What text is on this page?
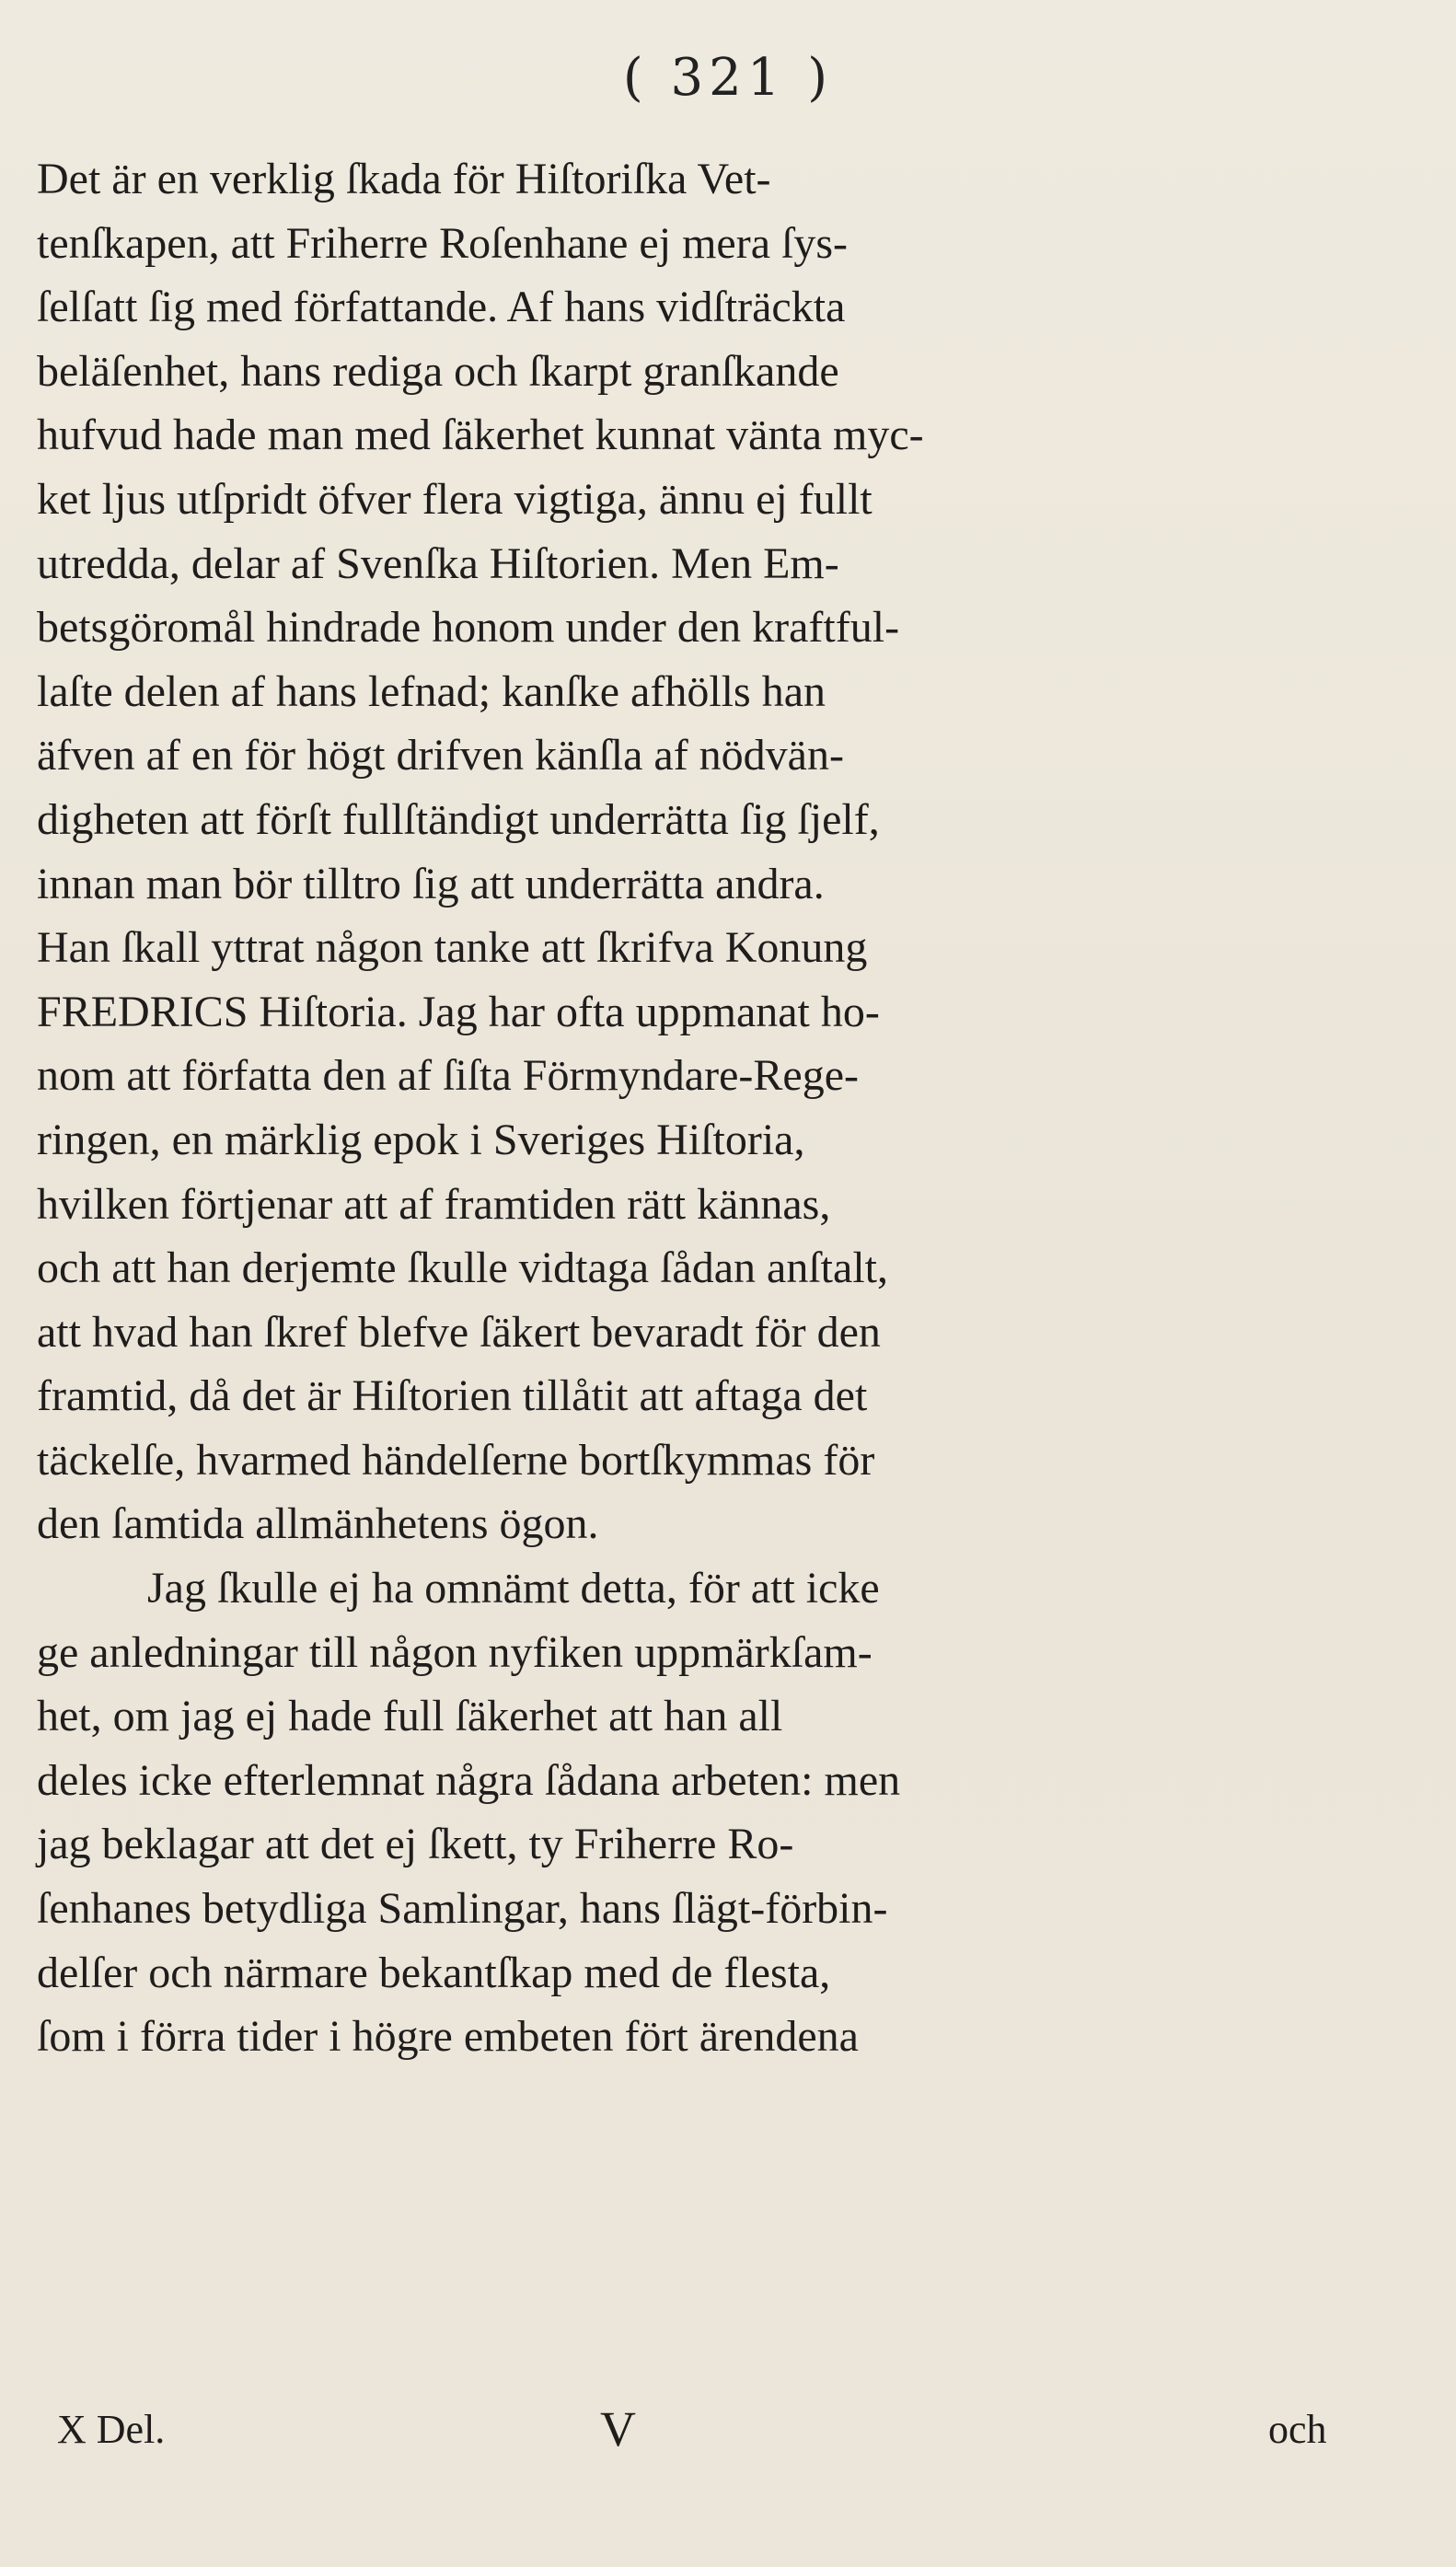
( 321 )
Det är en verklig ſkada för Hiſtoriſka Vet-
tenſkapen, att Friherre Roſenhane ej mera ſys-
ſelſatt ſig med författande. Af hans vidſträckta
beläſenhet, hans rediga och ſkarpt granſkande
hufvud hade man med ſäkerhet kunnat vänta myc-
ket ljus utſpridt öfver flera vigtiga, ännu ej fullt
utredda, delar af Svenſka Hiſtorien. Men Em-
betsgöromål hindrade honom under den kraftful-
laſte delen af hans lefnad; kanſke afhölls han
äfven af en för högt drifven känſla af nödvän-
digheten att förſt fullſtändigt underrätta ſig ſjelf,
innan man bör tilltro ſig att underrätta andra.
Han ſkall yttrat någon tanke att ſkrifva Konung
FREDRICS Hiſtoria. Jag har ofta uppmanat ho-
nom att författa den af ſiſta Förmyndare-Rege-
ringen, en märklig epok i Sveriges Hiſtoria,
hvilken förtjenar att af framtiden rätt kännas,
och att han derjemte ſkulle vidtaga ſådan anſtalt,
att hvad han ſkref blefve ſäkert bevaradt för den
framtid, då det är Hiſtorien tillåtit att aftaga det
täckelſe, hvarmed händelſerne bortſkymmas för
den ſamtida allmänhetens ögon.
Jag ſkulle ej ha omnämt detta, för att icke
ge anledningar till någon nyfiken uppmärkſam-
het, om jag ej hade full ſäkerhet att han all
deles icke efterlemnat några ſådana arbeten: men
jag beklagar att det ej ſkett, ty Friherre Ro-
ſenhanes betydliga Samlingar, hans ſlägt-förbin-
delſer och närmare bekantſkap med de flesta,
ſom i förra tider i högre embeten fört ärendena
X Del.	V	och
